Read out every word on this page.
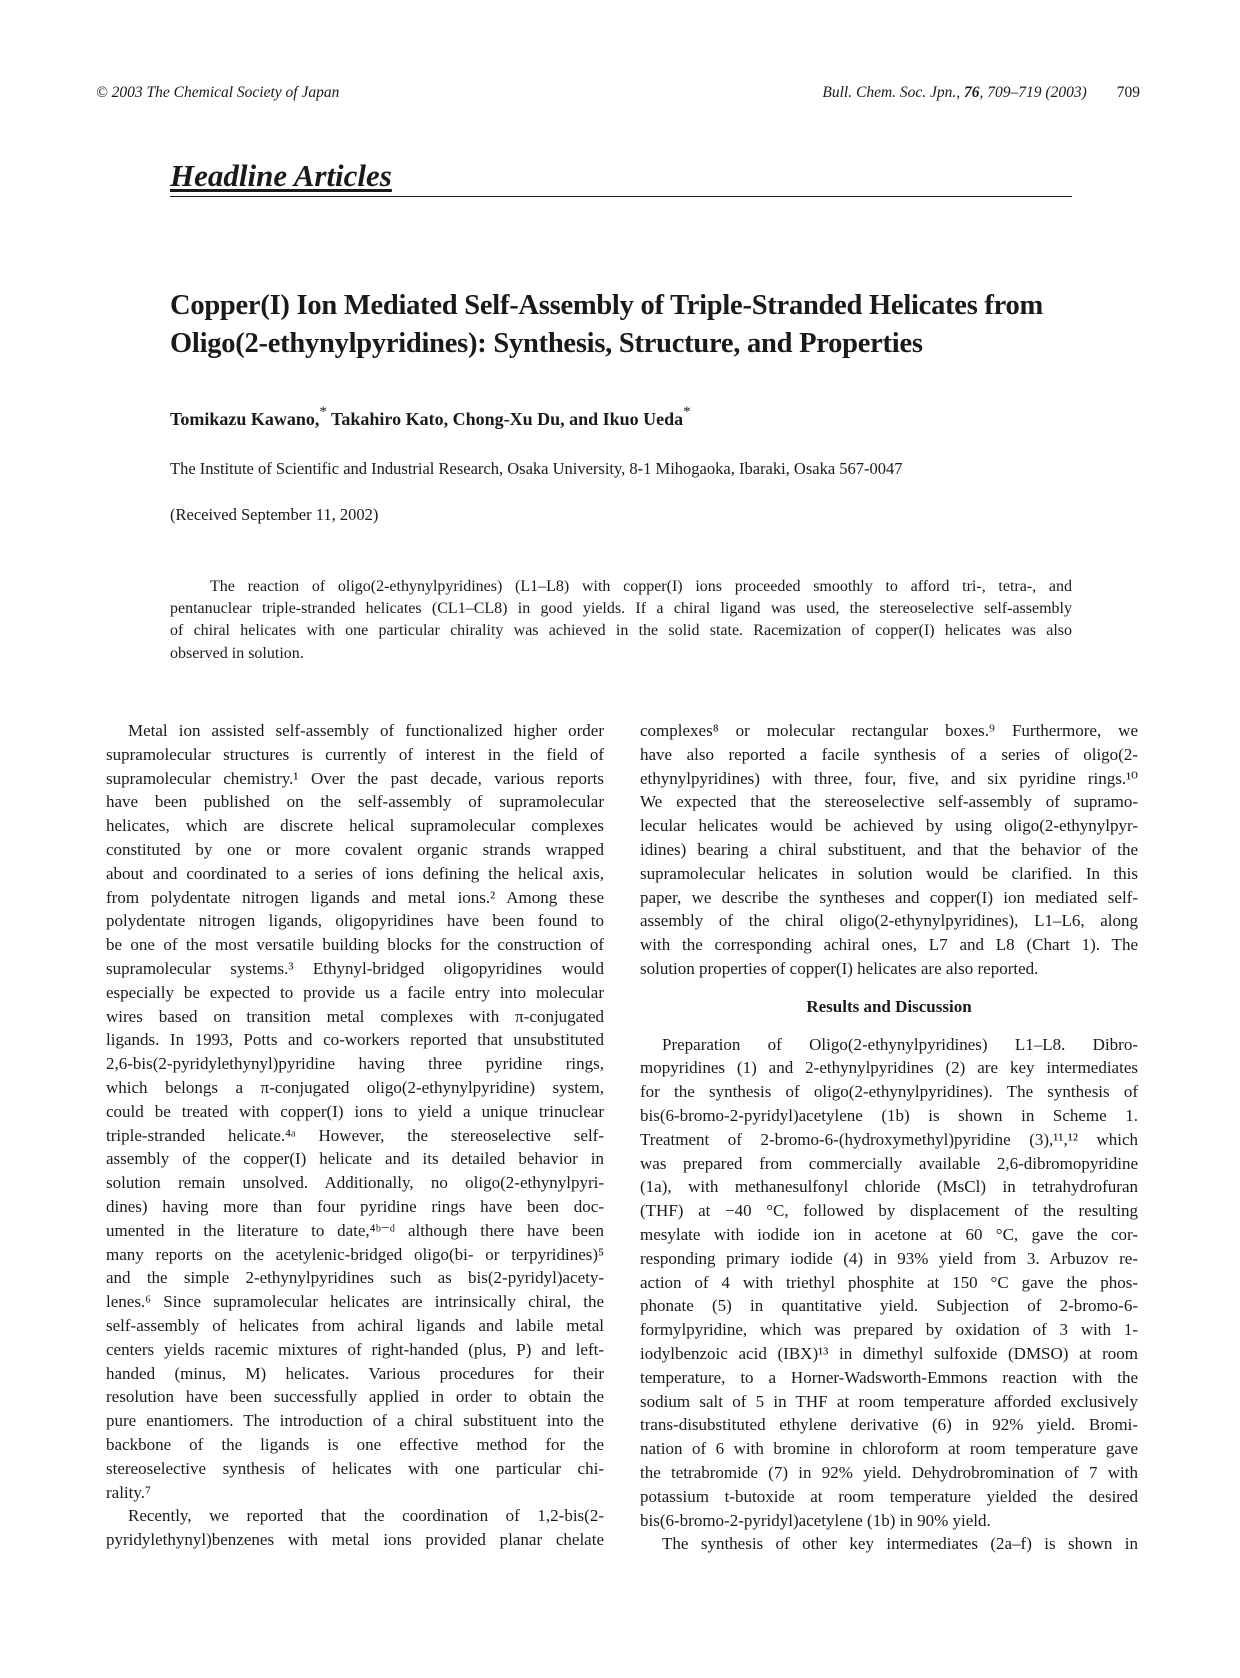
© 2003 The Chemical Society of Japan	Bull. Chem. Soc. Jpn., 76, 709–719 (2003) 709
Headline Articles
Copper(I) Ion Mediated Self-Assembly of Triple-Stranded Helicates from
Oligo(2-ethynylpyridines): Synthesis, Structure, and Properties
Tomikazu Kawano,* Takahiro Kato, Chong-Xu Du, and Ikuo Ueda*
The Institute of Scientific and Industrial Research, Osaka University, 8-1 Mihogaoka, Ibaraki, Osaka 567-0047
(Received September 11, 2002)
The reaction of oligo(2-ethynylpyridines) (L1–L8) with copper(I) ions proceeded smoothly to afford tri-, tetra-, and
pentanuclear triple-stranded helicates (CL1–CL8) in good yields. If a chiral ligand was used, the stereoselective self-assembly
of chiral helicates with one particular chirality was achieved in the solid state. Racemization of copper(I) helicates was also
observed in solution.
Metal ion assisted self-assembly of functionalized higher order
supramolecular structures is currently of interest in the field of
supramolecular chemistry.¹ Over the past decade, various reports
have been published on the self-assembly of supramolecular
helicates, which are discrete helical supramolecular complexes
constituted by one or more covalent organic strands wrapped
about and coordinated to a series of ions defining the helical axis,
from polydentate nitrogen ligands and metal ions.² Among these
polydentate nitrogen ligands, oligopyridines have been found to
be one of the most versatile building blocks for the construction of
supramolecular systems.³ Ethynyl-bridged oligopyridines would
especially be expected to provide us a facile entry into molecular
wires based on transition metal complexes with π-conjugated
ligands. In 1993, Potts and co-workers reported that unsubstituted
2,6-bis(2-pyridylethynyl)pyridine having three pyridine rings,
which belongs a π-conjugated oligo(2-ethynylpyridine) system,
could be treated with copper(I) ions to yield a unique trinuclear
triple-stranded helicate.⁴ᵃ However, the stereoselective self-
assembly of the copper(I) helicate and its detailed behavior in
solution remain unsolved. Additionally, no oligo(2-ethynylpyri-
dines) having more than four pyridine rings have been doc-
umented in the literature to date,⁴ᵇ⁻ᵈ although there have been
many reports on the acetylenic-bridged oligo(bi- or terpyridines)⁵
and the simple 2-ethynylpyridines such as bis(2-pyridyl)acety-
lenes.⁶ Since supramolecular helicates are intrinsically chiral, the
self-assembly of helicates from achiral ligands and labile metal
centers yields racemic mixtures of right-handed (plus, P) and left-
handed (minus, M) helicates. Various procedures for their
resolution have been successfully applied in order to obtain the
pure enantiomers. The introduction of a chiral substituent into the
backbone of the ligands is one effective method for the
stereoselective synthesis of helicates with one particular chi-
rality.⁷
Recently, we reported that the coordination of 1,2-bis(2-
pyridylethynyl)benzenes with metal ions provided planar chelate
complexes⁸ or molecular rectangular boxes.⁹ Furthermore, we
have also reported a facile synthesis of a series of oligo(2-
ethynylpyridines) with three, four, five, and six pyridine rings.¹⁰
We expected that the stereoselective self-assembly of supramo-
lecular helicates would be achieved by using oligo(2-ethynylpyr-
idines) bearing a chiral substituent, and that the behavior of the
supramolecular helicates in solution would be clarified. In this
paper, we describe the syntheses and copper(I) ion mediated self-
assembly of the chiral oligo(2-ethynylpyridines), L1–L6, along
with the corresponding achiral ones, L7 and L8 (Chart 1). The
solution properties of copper(I) helicates are also reported.
Results and Discussion
Preparation of Oligo(2-ethynylpyridines) L1–L8. Dibro-
mopyridines (1) and 2-ethynylpyridines (2) are key intermediates
for the synthesis of oligo(2-ethynylpyridines). The synthesis of
bis(6-bromo-2-pyridyl)acetylene (1b) is shown in Scheme 1.
Treatment of 2-bromo-6-(hydroxymethyl)pyridine (3),¹¹,¹² which
was prepared from commercially available 2,6-dibromopyridine
(1a), with methanesulfonyl chloride (MsCl) in tetrahydrofuran
(THF) at −40 °C, followed by displacement of the resulting
mesylate with iodide ion in acetone at 60 °C, gave the cor-
responding primary iodide (4) in 93% yield from 3. Arbuzov re-
action of 4 with triethyl phosphite at 150 °C gave the phos-
phonate (5) in quantitative yield. Subjection of 2-bromo-6-
formylpyridine, which was prepared by oxidation of 3 with 1-
iodylbenzoic acid (IBX)¹³ in dimethyl sulfoxide (DMSO) at room
temperature, to a Horner-Wadsworth-Emmons reaction with the
sodium salt of 5 in THF at room temperature afforded exclusively
trans-disubstituted ethylene derivative (6) in 92% yield. Bromi-
nation of 6 with bromine in chloroform at room temperature gave
the tetrabromide (7) in 92% yield. Dehydrobromination of 7 with
potassium t-butoxide at room temperature yielded the desired
bis(6-bromo-2-pyridyl)acetylene (1b) in 90% yield.
The synthesis of other key intermediates (2a–f) is shown in
